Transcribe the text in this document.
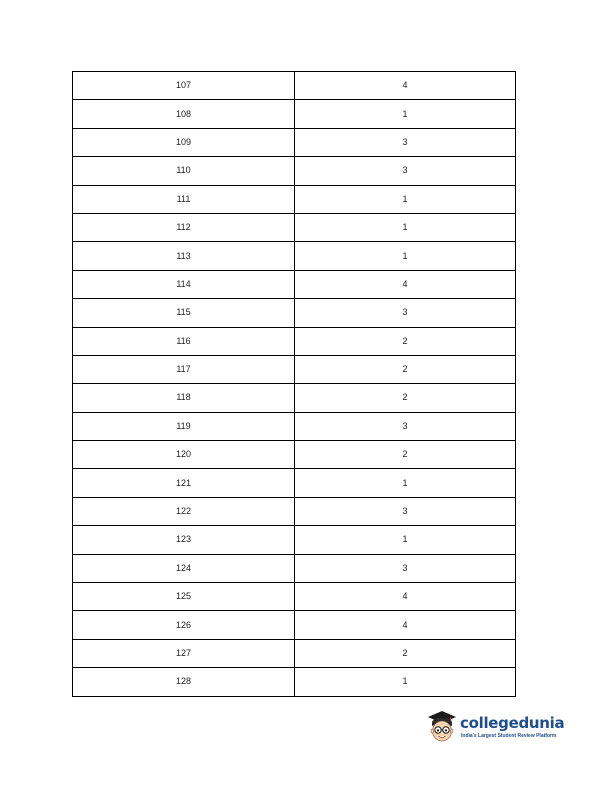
107	4
108	1
109	3
110	3
111	1
112	1
113	1
114	4
115	3
116	2
117	2
118	2
119	3
120	2
121	1
122	3
123	1
124	3
125	4
126	4
127	2
128	1
collegedunia
India's Largest Student Review Platform
